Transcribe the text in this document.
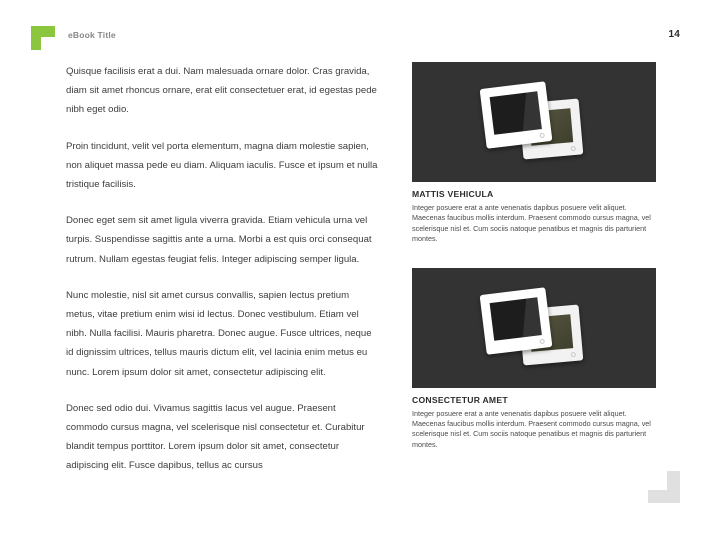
eBook Title	14

Quisque facilisis erat a dui. Nam malesuada ornare dolor. Cras gravida, diam sit amet rhoncus ornare, erat elit consectetuer erat, id egestas pede nibh eget odio.

Proin tincidunt, velit vel porta elementum, magna diam molestie sapien, non aliquet massa pede eu diam. Aliquam iaculis. Fusce et ipsum et nulla tristique facilisis.

Donec eget sem sit amet ligula viverra gravida. Etiam vehicula urna vel turpis. Suspendisse sagittis ante a urna. Morbi a est quis orci consequat rutrum. Nullam egestas feugiat felis. Integer adipiscing semper ligula.

Nunc molestie, nisl sit amet cursus convallis, sapien lectus pretium metus, vitae pretium enim wisi id lectus. Donec vestibulum. Etiam vel nibh. Nulla facilisi. Mauris pharetra. Donec augue. Fusce ultrices, neque id dignissim ultrices, tellus mauris dictum elit, vel lacinia enim metus eu nunc. Lorem ipsum dolor sit amet, consectetur adipiscing elit.

Donec sed odio dui. Vivamus sagittis lacus vel augue. Praesent commodo cursus magna, vel scelerisque nisl consectetur et. Curabitur blandit tempus porttitor. Lorem ipsum dolor sit amet, consectetur adipiscing elit. Fusce dapibus, tellus ac cursus

MATTIS VEHICULA
Integer posuere erat a ante venenatis dapibus posuere velit aliquet. Maecenas faucibus mollis interdum. Praesent commodo cursus magna, vel scelerisque nisl et. Cum sociis natoque penatibus et magnis dis parturient montes.
CONSECTETUR AMET
Integer posuere erat a ante venenatis dapibus posuere velit aliquet. Maecenas faucibus mollis interdum. Praesent commodo cursus magna, vel scelerisque nisl et. Cum sociis natoque penatibus et magnis dis parturient montes.
